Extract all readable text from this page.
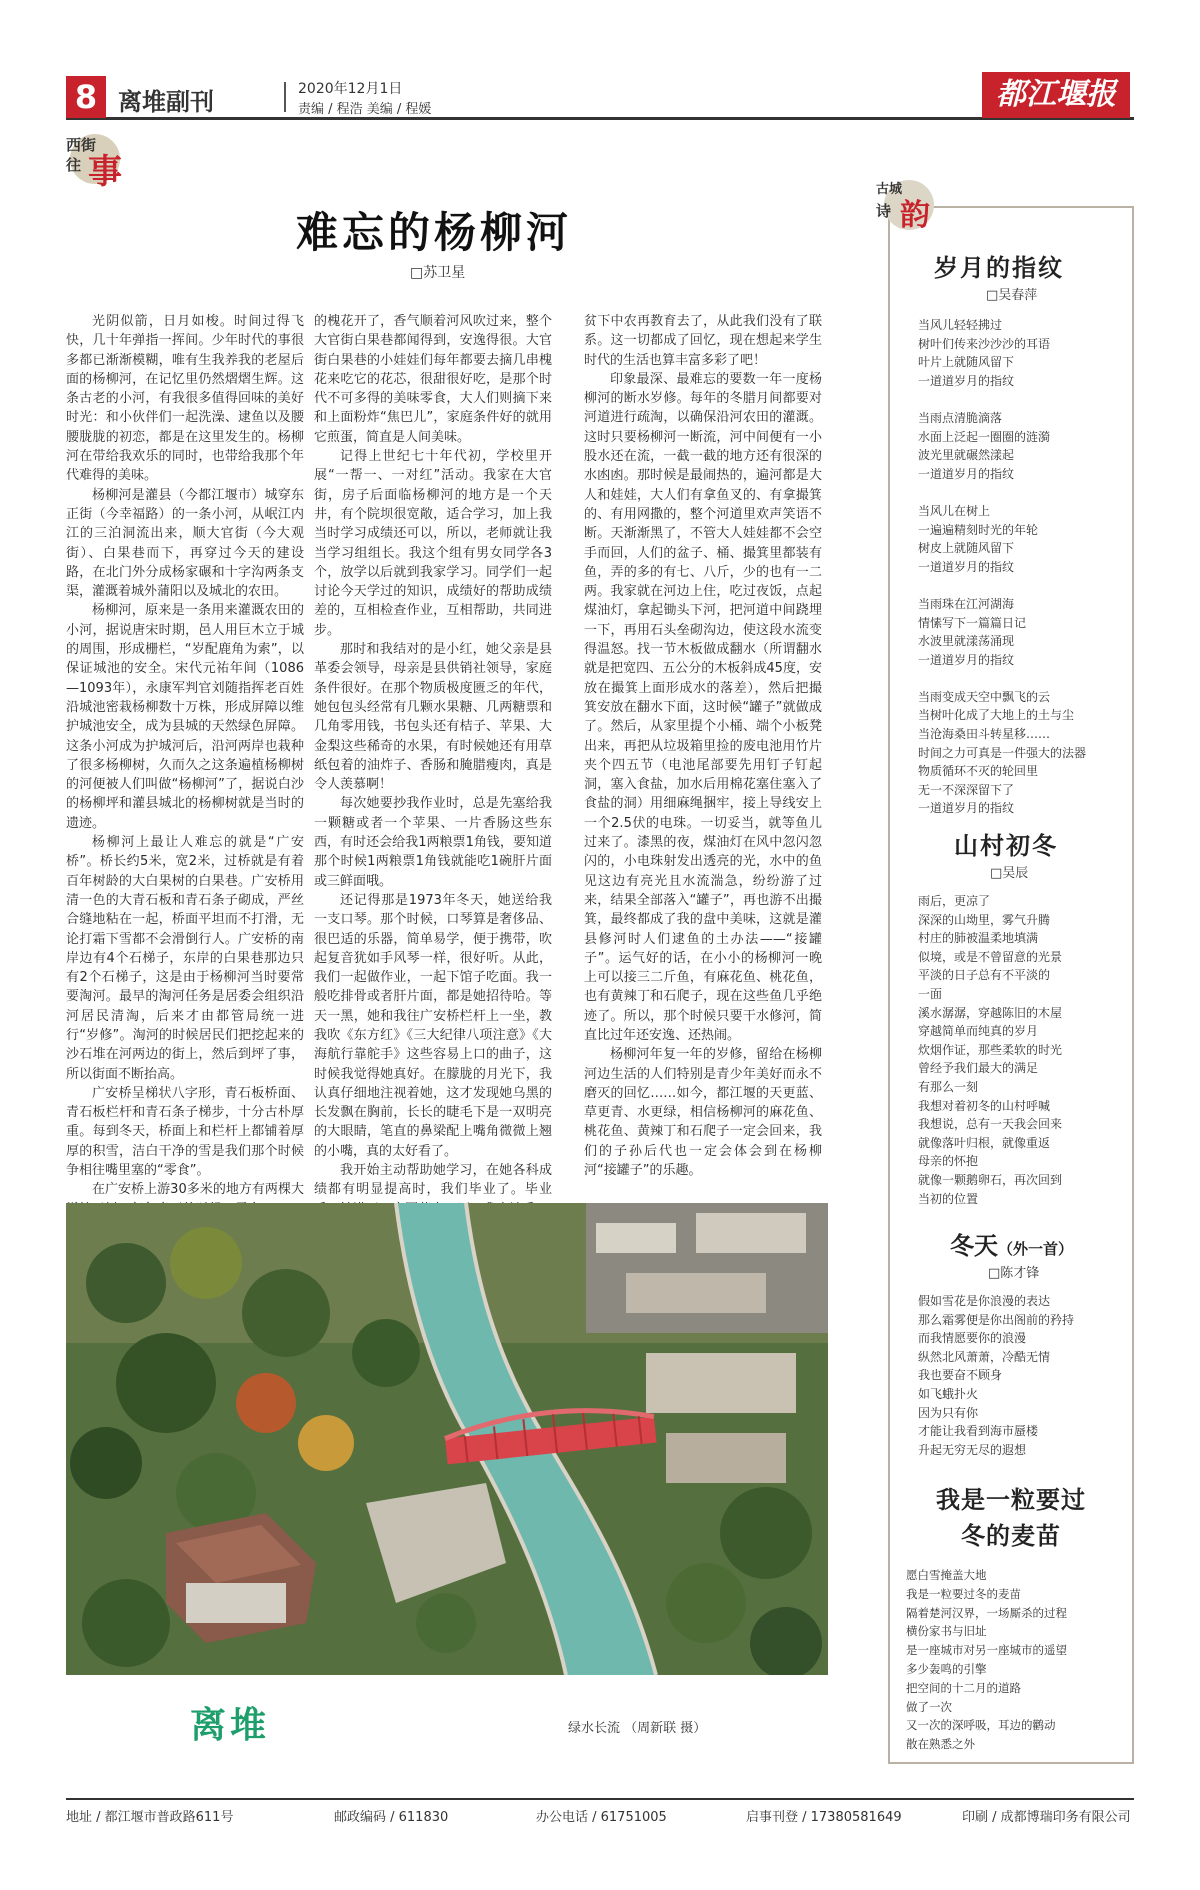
8 离堆副刊	2020年12月1日
责编 / 程浩 美编 / 程媛	都江堰报
西街
往 事
难忘的杨柳河
□苏卫星

光阴似箭，日月如梭。时间过得飞快，几十年弹指一挥间。少年时代的事很多都已渐渐模糊，唯有生我养我的老屋后面的杨柳河，在记忆里仍然熠熠生辉。这条古老的小河，有我很多值得回味的美好时光：和小伙伴们一起洗澡、逮鱼以及腰腰胧胧的初恋，都是在这里发生的。杨柳河在带给我欢乐的同时，也带给我那个年代难得的美味。

杨柳河是灌县（今都江堰市）城穿东正街（今幸福路）的一条小河，从岷江内江的三泊洞流出来，顺大官街（今大观街）、白果巷而下，再穿过今天的建设路，在北门外分成杨家碾和十字沟两条支渠，灌溉着城外蒲阳以及城北的农田。

杨柳河，原来是一条用来灌溉农田的小河，据说唐宋时期，邑人用巨木立于城的周围，形成栅栏，“岁配鹿角为索”，以保证城池的安全。宋代元祐年间（1086—1093年），永康军判官刘随指挥老百姓沿城池密栽杨柳数十万株，形成屏障以维护城池安全，成为县城的天然绿色屏障。这条小河成为护城河后，沿河两岸也栽种了很多杨柳树，久而久之这条遍植杨柳树的河便被人们叫做“杨柳河”了，据说白沙的杨柳坪和灌县城北的杨柳树就是当时的遗迹。

杨柳河上最让人难忘的就是“广安桥”。桥长约5米，宽2米，过桥就是有着百年树龄的大白果树的白果巷。广安桥用清一色的大青石板和青石条子砌成，严丝合缝地粘在一起，桥面平坦而不打滑，无论打霜下雪都不会滑倒行人。广安桥的南岸边有4个石梯子，东岸的白果巷那边只有2个石梯子，这是由于杨柳河当时要常要淘河。最早的淘河任务是居委会组织沿河居民清淘，后来才由都管局统一进行“岁修”。淘河的时候居民们把挖起来的沙石堆在河两边的街上，然后到坪了事，所以街面不断抬高。

广安桥呈梯状八字形，青石板桥面、青石板栏杆和青石条子梯步，十分古朴厚重。每到冬天，桥面上和栏杆上都铺着厚厚的积雪，洁白干净的雪是我们那个时候争相往嘴里塞的“零食”。

在广安桥上游30多米的地方有两棵大

的槐花开了，香气顺着河风吹过来，整个大官街白果巷都闻得到，安逸得很。大官街白果巷的小娃娃们每年都要去摘几串槐花来吃它的花芯，很甜很好吃，是那个时代不可多得的美味零食，大人们则摘下来和上面粉炸“焦巴儿”，家庭条件好的就用它煎蛋，简直是人间美味。

记得上世纪七十年代初，学校里开展“一帮一、一对红”活动。我家在大官街，房子后面临杨柳河的地方是一个天井，有个院坝很宽敞，适合学习，加上我当时学习成绩还可以，所以，老师就让我当学习组组长。我这个组有男女同学各3个，放学以后就到我家学习。同学们一起讨论今天学过的知识，成绩好的帮助成绩差的，互相检查作业，互相帮助，共同进步。

那时和我结对的是小红，她父亲是县革委会领导，母亲是县供销社领导，家庭条件很好。在那个物质极度匮乏的年代，她包包头经常有几颗水果糖、几两糖票和几角零用钱，书包头还有桔子、苹果、大金梨这些稀奇的水果，有时候她还有用草纸包着的油炸子、香肠和腌腊瘦肉，真是令人羡慕啊！

每次她要抄我作业时，总是先塞给我一颗糖或者一个苹果、一片香肠这些东西，有时还会给我1两粮票1角钱，要知道那个时候1两粮票1角钱就能吃1碗肝片面或三鲜面哦。

还记得那是1973年冬天，她送给我一支口琴。那个时候，口琴算是奢侈品、很巴适的乐器，简单易学，便于携带，吹起复音犹如手风琴一样，很好听。从此，我们一起做作业，一起下馆子吃面。我一般吃排骨或者肝片面，都是她招待哈。等天一黑，她和我往广安桥栏杆上一坐，教我吹《东方红》《三大纪律八项注意》《大海航行靠舵手》这些容易上口的曲子，这时候我觉得她真好。在朦胧的月光下，我认真仔细地注视着她，这才发现她乌黑的长发飘在胸前，长长的睫毛下是一双明亮的大眼睛，笔直的鼻梁配上嘴角微微上翘的小嘴，真的太好看了。

我开始主动帮助她学习，在她各科成绩都有明显提高时，我们毕业了。毕业

贫下中农再教育去了，从此我们没有了联系。这一切都成了回忆，现在想起来学生时代的生活也算丰富多彩了吧！

印象最深、最难忘的要数一年一度杨柳河的断水岁修。每年的冬腊月间都要对河道进行疏淘，以确保沿河农田的灌溉。这时只要杨柳河一断流，河中间便有一小股水还在流，一截一截的地方还有很深的水凼凼。那时候是最闹热的，遍河都是大人和娃娃，大人们有拿鱼叉的、有拿撮箕的、有用网撒的，整个河道里欢声笑语不断。天渐渐黑了，不管大人娃娃都不会空手而回，人们的盆子、桶、撮箕里都装有鱼，弄的多的有七、八斤，少的也有一二两。我家就在河边上住，吃过夜饭，点起煤油灯，拿起锄头下河，把河道中间跷埋一下，再用石头垒砌沟边，使这段水流变得温怒。找一节木板做成翻水（所谓翻水就是把宽四、五公分的木板斜成45度，安放在撮箕上面形成水的落差），然后把撮箕安放在翻水下面，这时候“罐子”就做成了。然后，从家里提个小桶、端个小板凳出来，再把从垃圾箱里捡的废电池用竹片夹个四五节（电池尾部要先用钉子钉起洞，塞入食盐，加水后用棉花塞住塞入了食盐的洞）用细麻绳捆牢，接上导线安上一个2.5伏的电珠。一切妥当，就等鱼儿过来了。漆黑的夜，煤油灯在风中忽闪忽闪的，小电珠射发出透亮的光，水中的鱼见这边有亮光且水流湍急，纷纷游了过来，结果全部落入“罐子”，再也游不出撮箕，最终都成了我的盘中美味，这就是灌县修河时人们逮鱼的土办法——“接罐子”。运气好的话，在小小的杨柳河一晚上可以接三二斤鱼，有麻花鱼、桃花鱼，也有黄辣丁和石爬子，现在这些鱼几乎绝迹了。所以，那个时候只要干水修河，简直比过年还安逸、还热闹。

杨柳河年复一年的岁修，留给在杨柳河边生活的人们特别是青少年美好而永不磨灭的回忆……如今，都江堰的天更蓝、草更青、水更绿，相信杨柳河的麻花鱼、桃花鱼、黄辣丁和石爬子一定会回来，我们的子孙后代也一定会体会到在杨柳河“接罐子”的乐趣。

离堆	绿水长流 （周新联 摄）
古城
诗 韵
岁月的指纹
□吴春萍
当风儿轻轻拂过
树叶们传来沙沙沙的耳语
叶片上就随风留下
一道道岁月的指纹

当雨点清脆滴落
水面上泛起一圈圈的涟漪
波光里就碾然漾起
一道道岁月的指纹

当风儿在树上
一遍遍精刻时光的年轮
树皮上就随风留下
一道道岁月的指纹

当雨珠在江河湖海
情愫写下一篇篇日记
水波里就漾荡涌现
一道道岁月的指纹

当雨变成天空中飘飞的云
当树叶化成了大地上的土与尘
当沧海桑田斗转星移……
时间之力可真是一件强大的法器
物质循环不灭的轮回里
无一不深深留下了
一道道岁月的指纹
山村初冬
□吴辰
雨后，更凉了
深深的山坳里，雾气升腾
村庄的肺被温柔地填满
似境，或是不曾留意的光景
平淡的日子总有不平淡的
一面
溪水潺潺，穿越陈旧的木屋
穿越简单而纯真的岁月
炊烟作证，那些柔软的时光
曾经予我们最大的满足
有那么一刻
我想对着初冬的山村呼喊
我想说，总有一天我会回来
就像落叶归根，就像重返
母亲的怀抱
就像一颗鹅卵石，再次回到
当初的位置
冬天（外一首）
□陈才锋
假如雪花是你浪漫的表达
那么霜雾便是你出阁前的矜持
而我情愿要你的浪漫
纵然北风萧萧，冷酷无情
我也要奋不顾身
如飞蛾扑火
因为只有你
才能让我看到海市蜃楼
升起无穷无尽的遐想
我是一粒要过
冬的麦苗
愿白雪掩盖大地
我是一粒要过冬的麦苗
隔着楚河汉界，一场厮杀的过程
横份家书与旧址
是一座城市对另一座城市的遥望
多少轰鸣的引擎
把空间的十二月的道路
做了一次
又一次的深呼吸，耳边的鹳动
散在熟悉之外
地址 / 都江堰市普政路611号	邮政编码 / 611830	办公电话 / 61751005	启事刊登 / 17380581649	印刷 / 成都博瑞印务有限公司
